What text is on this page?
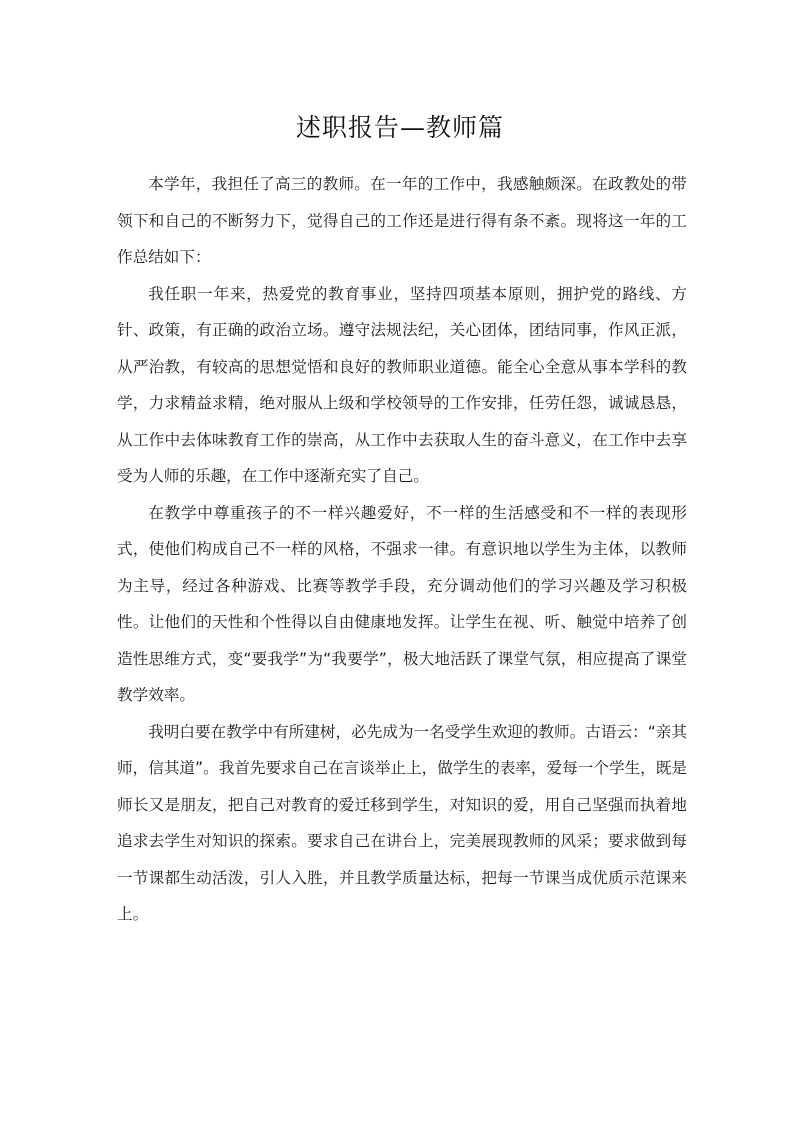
述职报告—教师篇

本学年，我担任了高三的教师。在一年的工作中，我感触颇深。在政教处的带领下和自己的不断努力下，觉得自己的工作还是进行得有条不紊。现将这一年的工作总结如下：

我任职一年来，热爱党的教育事业，坚持四项基本原则，拥护党的路线、方针、政策，有正确的政治立场。遵守法规法纪，关心团体，团结同事，作风正派，从严治教，有较高的思想觉悟和良好的教师职业道德。能全心全意从事本学科的教学，力求精益求精，绝对服从上级和学校领导的工作安排，任劳任怨，诚诚恳恳，从工作中去体味教育工作的崇高，从工作中去获取人生的奋斗意义，在工作中去享受为人师的乐趣，在工作中逐渐充实了自己。

在教学中尊重孩子的不一样兴趣爱好，不一样的生活感受和不一样的表现形式，使他们构成自己不一样的风格，不强求一律。有意识地以学生为主体，以教师为主导，经过各种游戏、比赛等教学手段，充分调动他们的学习兴趣及学习积极性。让他们的天性和个性得以自由健康地发挥。让学生在视、听、触觉中培养了创造性思维方式，变“要我学”为“我要学”，极大地活跃了课堂气氛，相应提高了课堂教学效率。

我明白要在教学中有所建树，必先成为一名受学生欢迎的教师。古语云：“亲其师，信其道”。我首先要求自己在言谈举止上，做学生的表率，爱每一个学生，既是师长又是朋友，把自己对教育的爱迁移到学生，对知识的爱，用自己坚强而执着地追求去学生对知识的探索。要求自己在讲台上，完美展现教师的风采；要求做到每一节课都生动活泼，引人入胜，并且教学质量达标，把每一节课当成优质示范课来上。
